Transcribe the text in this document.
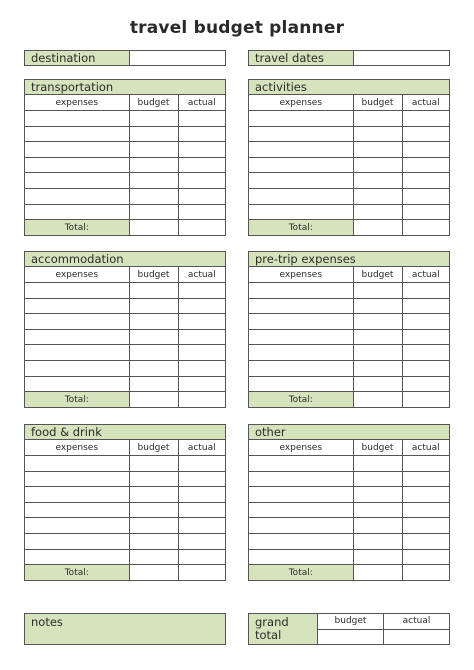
travel budget planner
destination	travel dates
transportation
expenses	budget	actual

Total:		
activities
expenses	budget	actual

Total:		
accommodation
expenses	budget	actual

Total:		
pre-trip expenses
expenses	budget	actual

Total:		
food & drink
expenses	budget	actual

Total:		
other
expenses	budget	actual

Total:		
notes	grand
total
budget	actual
